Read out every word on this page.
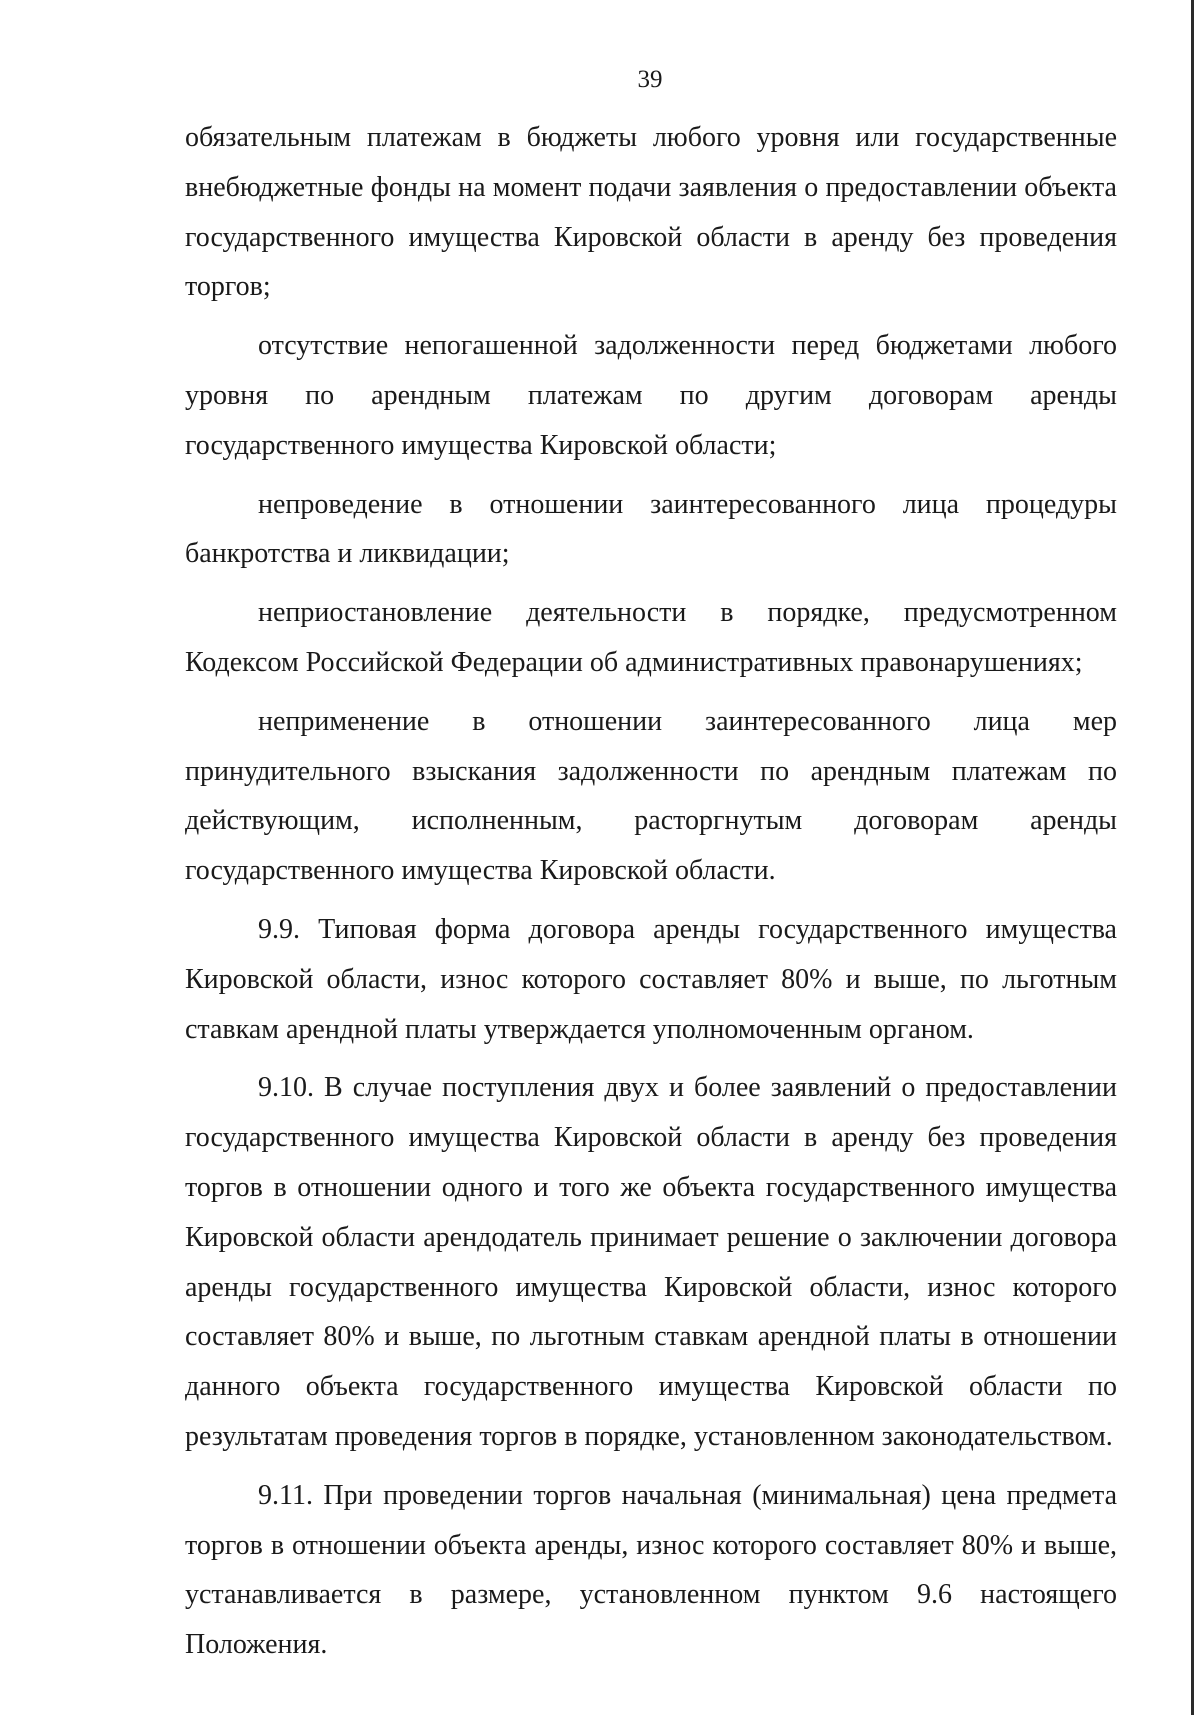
39

обязательным платежам в бюджеты любого уровня или государственные внебюджетные фонды на момент подачи заявления о предоставлении объекта государственного имущества Кировской области в аренду без проведения торгов;

отсутствие непогашенной задолженности перед бюджетами любого уровня по арендным платежам по другим договорам аренды государственного имущества Кировской области;

непроведение в отношении заинтересованного лица процедуры банкротства и ликвидации;

неприостановление деятельности в порядке, предусмотренном Кодексом Российской Федерации об административных правонарушениях;

неприменение в отношении заинтересованного лица мер принудительного взыскания задолженности по арендным платежам по действующим, исполненным, расторгнутым договорам аренды государственного имущества Кировской области.

9.9. Типовая форма договора аренды государственного имущества Кировской области, износ которого составляет 80% и выше, по льготным ставкам арендной платы утверждается уполномоченным органом.

9.10. В случае поступления двух и более заявлений о предоставлении государственного имущества Кировской области в аренду без проведения торгов в отношении одного и того же объекта государственного имущества Кировской области арендодатель принимает решение о заключении договора аренды государственного имущества Кировской области, износ которого составляет 80% и выше, по льготным ставкам арендной платы в отношении данного объекта государственного имущества Кировской области по результатам проведения торгов в порядке, установленном законодательством.

9.11. При проведении торгов начальная (минимальная) цена предмета торгов в отношении объекта аренды, износ которого составляет 80% и выше, устанавливается в размере, установленном пунктом 9.6 настоящего Положения.
